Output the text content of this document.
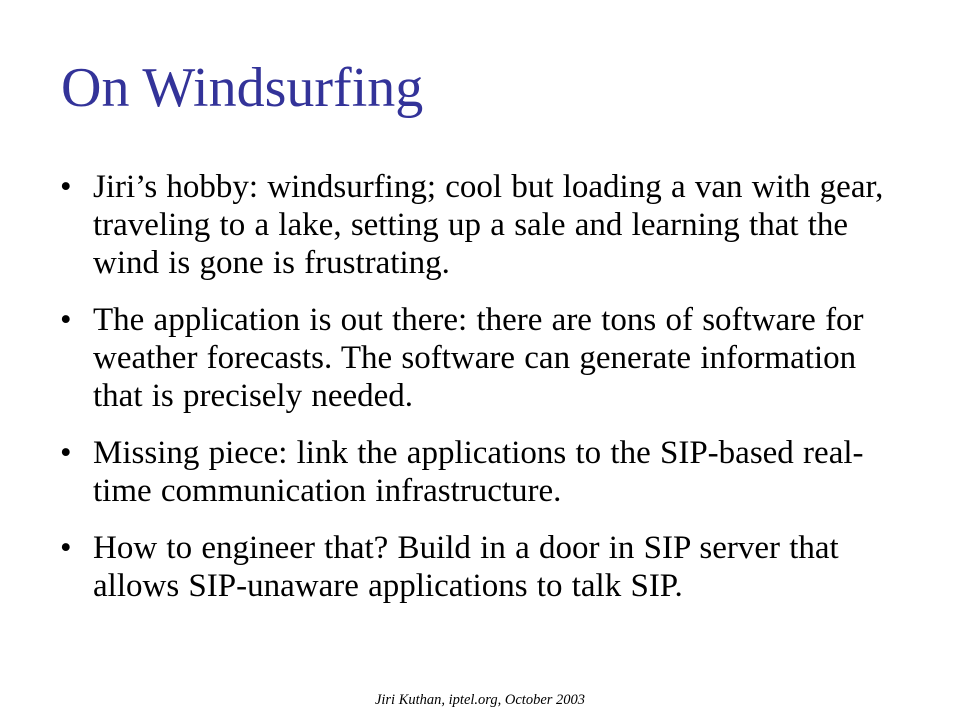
On Windsurfing
• Jiri’s hobby: windsurfing; cool but loading a van with gear, traveling to a lake, setting up a sale and learning that the wind is gone is frustrating.
• The application is out there: there are tons of software for weather forecasts. The software can generate information that is precisely needed.
• Missing piece: link the applications to the SIP-based real-time communication infrastructure.
• How to engineer that? Build in a door in SIP server that allows SIP-unaware applications to talk SIP.
Jiri Kuthan, iptel.org, October 2003
